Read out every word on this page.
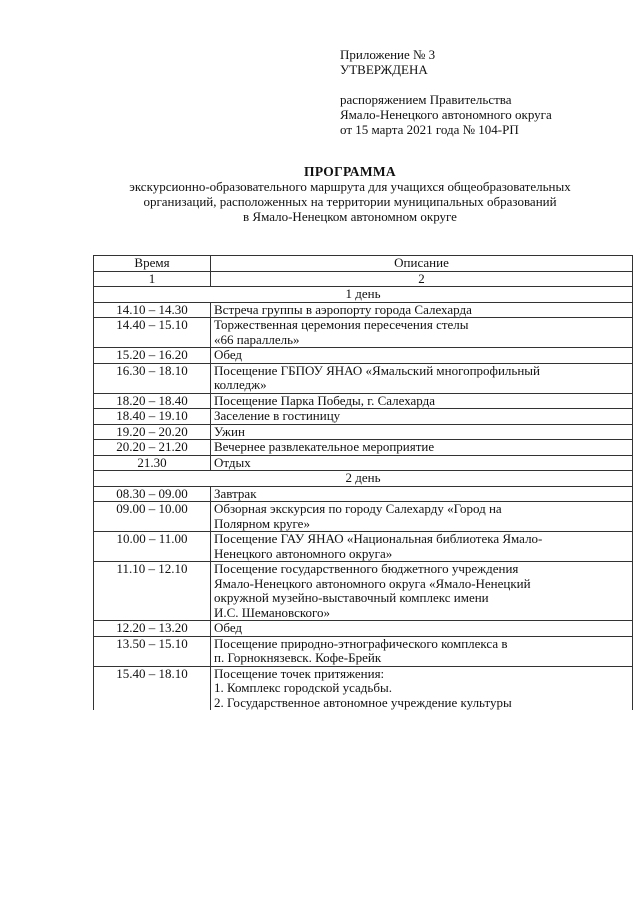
Приложение № 3
УТВЕРЖДЕНА
распоряжением Правительства
Ямало-Ненецкого автономного округа
от 15 марта 2021 года № 104-РП
ПРОГРАММА
экскурсионно-образовательного маршрута для учащихся общеобразовательных
организаций, расположенных на территории муниципальных образований
в Ямало-Ненецком автономном округе
Время	Описание
1	2
1 день	
14.10 – 14.30	Встреча группы в аэропорту города Салехарда

14.40 – 15.10	Торжественная церемония пересечения стелы
«66 параллель»

15.20 – 16.20	Обед

16.30 – 18.10	Посещение ГБПОУ ЯНАО «Ямальский многопрофильный
колледж»

18.20 – 18.40	Посещение Парка Победы, г. Салехарда

18.40 – 19.10	Заселение в гостиницу

19.20 – 20.20	Ужин

20.20 – 21.20	Вечернее развлекательное мероприятие

21.30	Отдых

2 день	
08.30 – 09.00	Завтрак

09.00 – 10.00	Обзорная экскурсия по городу Салехарду «Город на
Полярном круге»

10.00 – 11.00	Посещение ГАУ ЯНАО «Национальная библиотека Ямало-
Ненецкого автономного округа»

11.10 – 12.10	Посещение государственного бюджетного учреждения
Ямало-Ненецкого автономного округа «Ямало-Ненецкий
окружной музейно-выставочный комплекс имени
И.С. Шемановского»

12.20 – 13.20	Обед

13.50 – 15.10	Посещение природно-этнографического комплекса в
п. Горнокнязевск. Кофе-Брейк

15.40 – 18.10	Посещение точек притяжения:
1. Комплекс городской усадьбы.
2. Государственное автономное учреждение культуры
